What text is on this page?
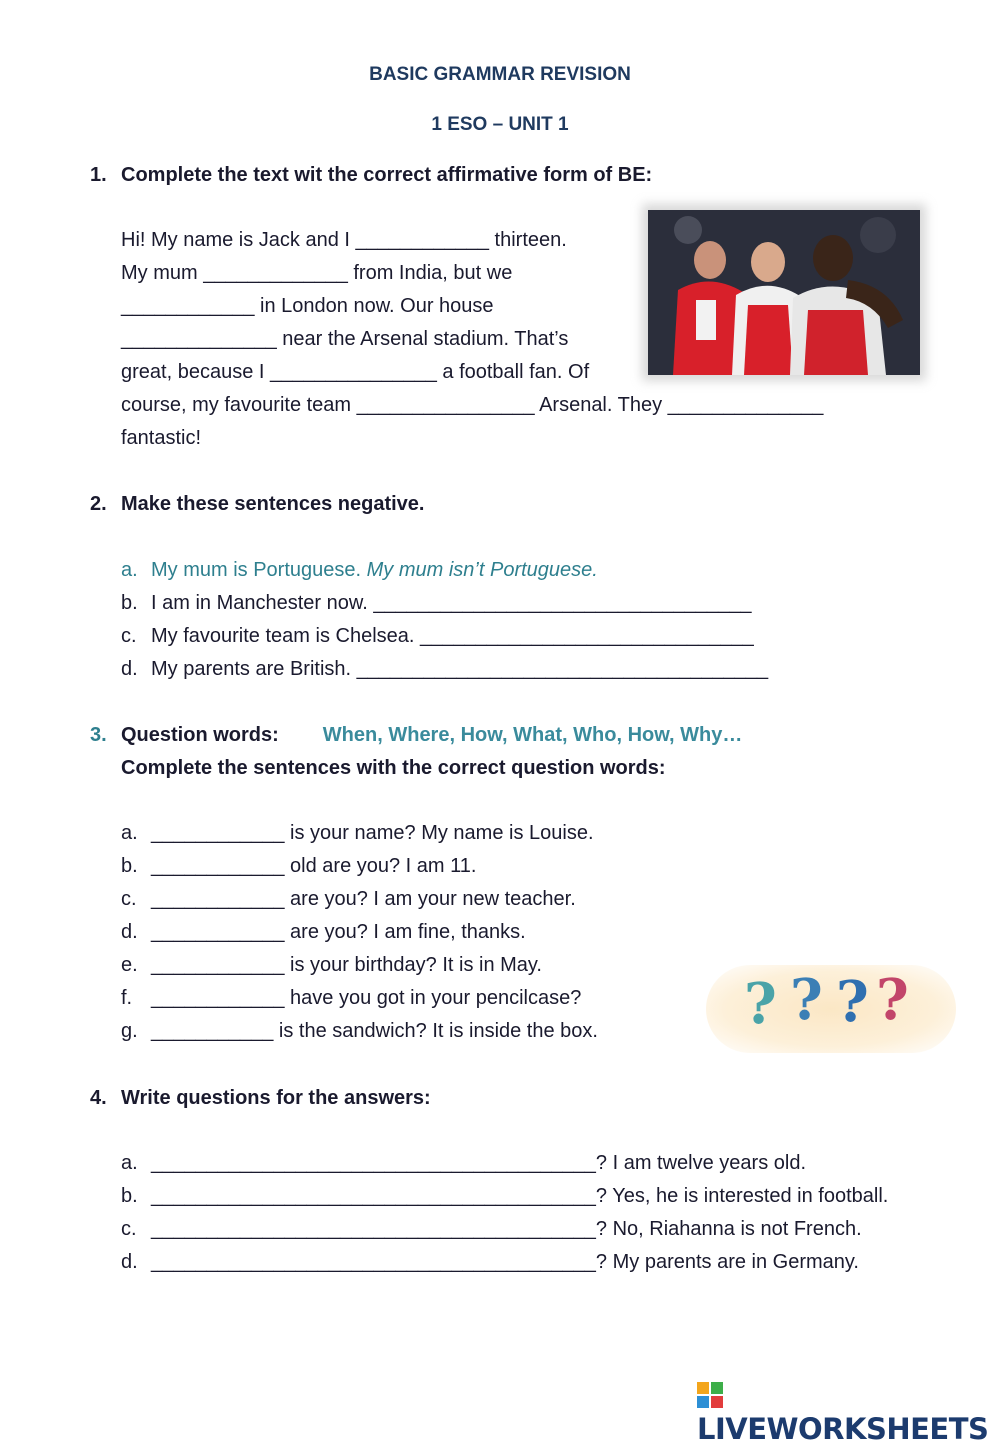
BASIC GRAMMAR REVISION
1 ESO – UNIT 1
1. Complete the text wit the correct affirmative form of BE:
Hi! My name is Jack and I ____________ thirteen.
My mum _____________ from India, but we
____________ in London now. Our house
______________ near the Arsenal stadium. That’s
great, because I _______________ a football fan. Of
course, my favourite team ________________ Arsenal. They ______________
fantastic!
2. Make these sentences negative.
a. My mum is Portuguese. My mum isn’t Portuguese.
b. I am in Manchester now. __________________________________
c. My favourite team is Chelsea. ______________________________
d. My parents are British. _____________________________________
3. Question words: When, Where, How, What, Who, How, Why…
Complete the sentences with the correct question words:
a. ____________ is your name? My name is Louise.
b. ____________ old are you? I am 11.
c. ____________ are you? I am your new teacher.
d. ____________ are you? I am fine, thanks.
e. ____________ is your birthday? It is in May.
f. ____________ have you got in your pencilcase?
g. ___________ is the sandwich? It is inside the box.	? ? ? ?
4. Write questions for the answers:
a. ________________________________________? I am twelve years old.
b. ________________________________________? Yes, he is interested in football.
c. ________________________________________? No, Riahanna is not French.
d. ________________________________________? My parents are in Germany.
LIVEWORKSHEETS
